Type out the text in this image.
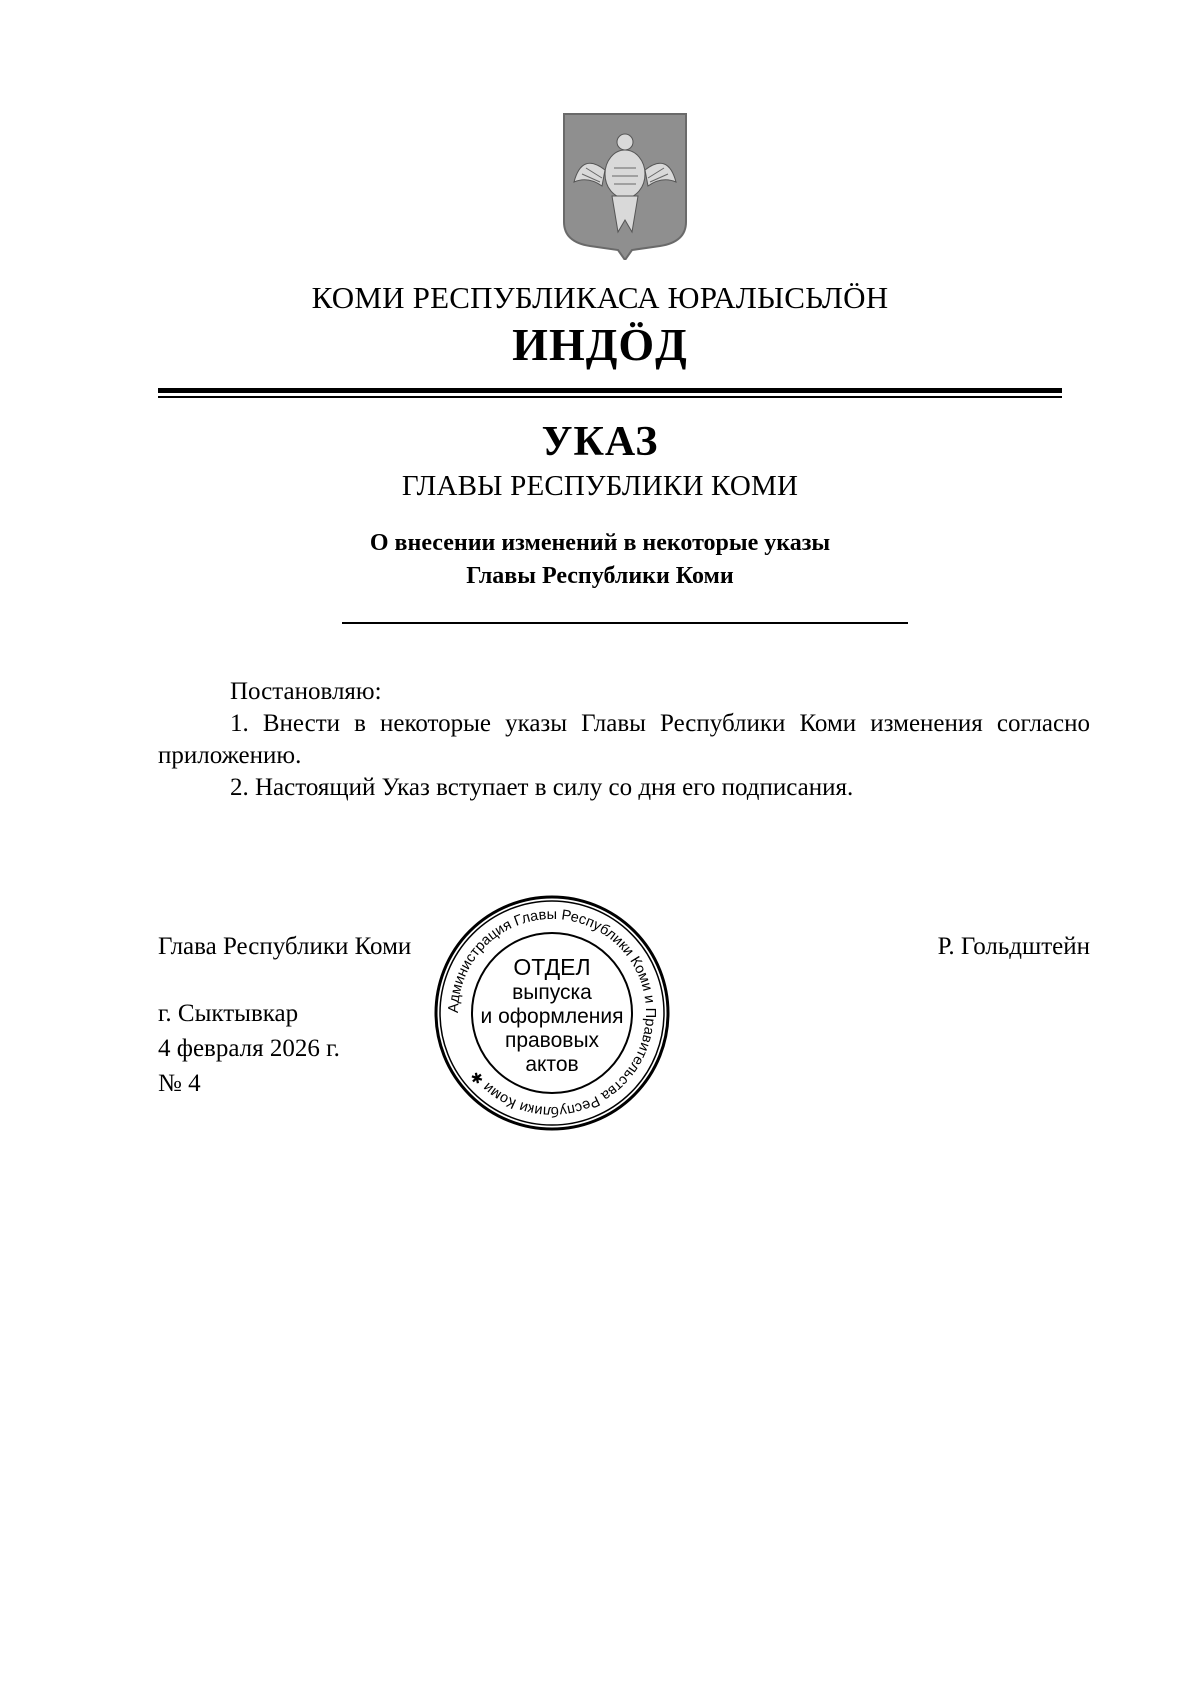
КОМИ РЕСПУБЛИКАСА ЮРАЛЫСЬЛÖН
ИНДÖД
УКАЗ
ГЛАВЫ РЕСПУБЛИКИ КОМИ
О внесении изменений в некоторые указы
Главы Республики Коми
Постановляю:
1. Внести в некоторые указы Главы Республики Коми изменения согласно приложению.
2. Настоящий Указ вступает в силу со дня его подписания.
Глава Республики Коми	Р. Гольдштейн
г. Сыктывкар
4 февраля 2026 г.
№ 4
Администрация Главы Республики Коми и Правительства Республики Коми ✱
ОТДЕЛ
выпуска
и оформления
правовых
актов
